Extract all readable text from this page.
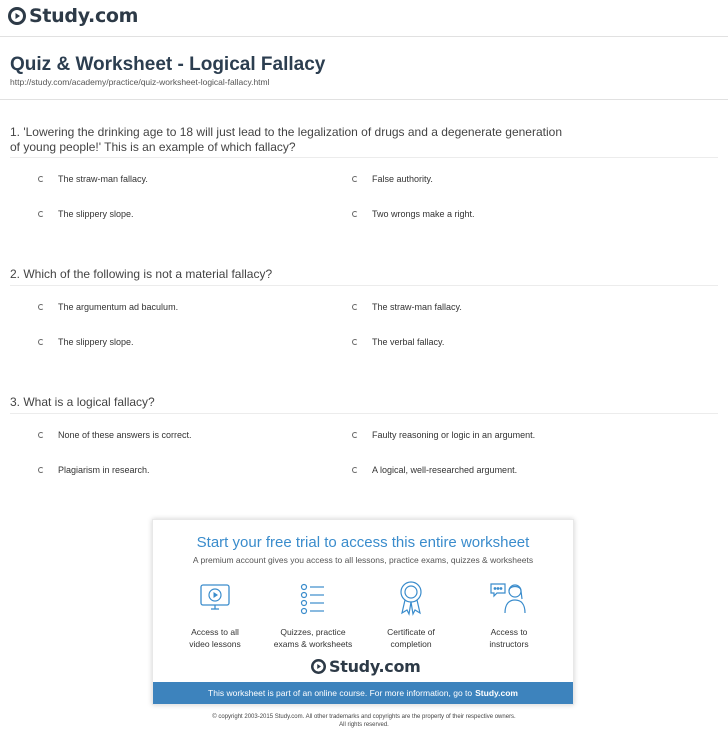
Study.com
Quiz & Worksheet - Logical Fallacy
http://study.com/academy/practice/quiz-worksheet-logical-fallacy.html
1. 'Lowering the drinking age to 18 will just lead to the legalization of drugs and a degenerate generation of young people!' This is an example of which fallacy?
The straw-man fallacy.	False authority.
The slippery slope.	Two wrongs make a right.
2. Which of the following is not a material fallacy?
The argumentum ad baculum.	The straw-man fallacy.
The slippery slope.	The verbal fallacy.
3. What is a logical fallacy?
None of these answers is correct.	Faulty reasoning or logic in an argument.
Plagiarism in research.	A logical, well-researched argument.
Start your free trial to access this entire worksheet
A premium account gives you access to all lessons, practice exams, quizzes & worksheets
Access to all
video lessons
Quizzes, practice
exams & worksheets
Certificate of
completion
Access to
instructors
Study.com
This worksheet is part of an online course. For more information, go to Study.com
© copyright 2003-2015 Study.com. All other trademarks and copyrights are the property of their respective owners.
All rights reserved.
